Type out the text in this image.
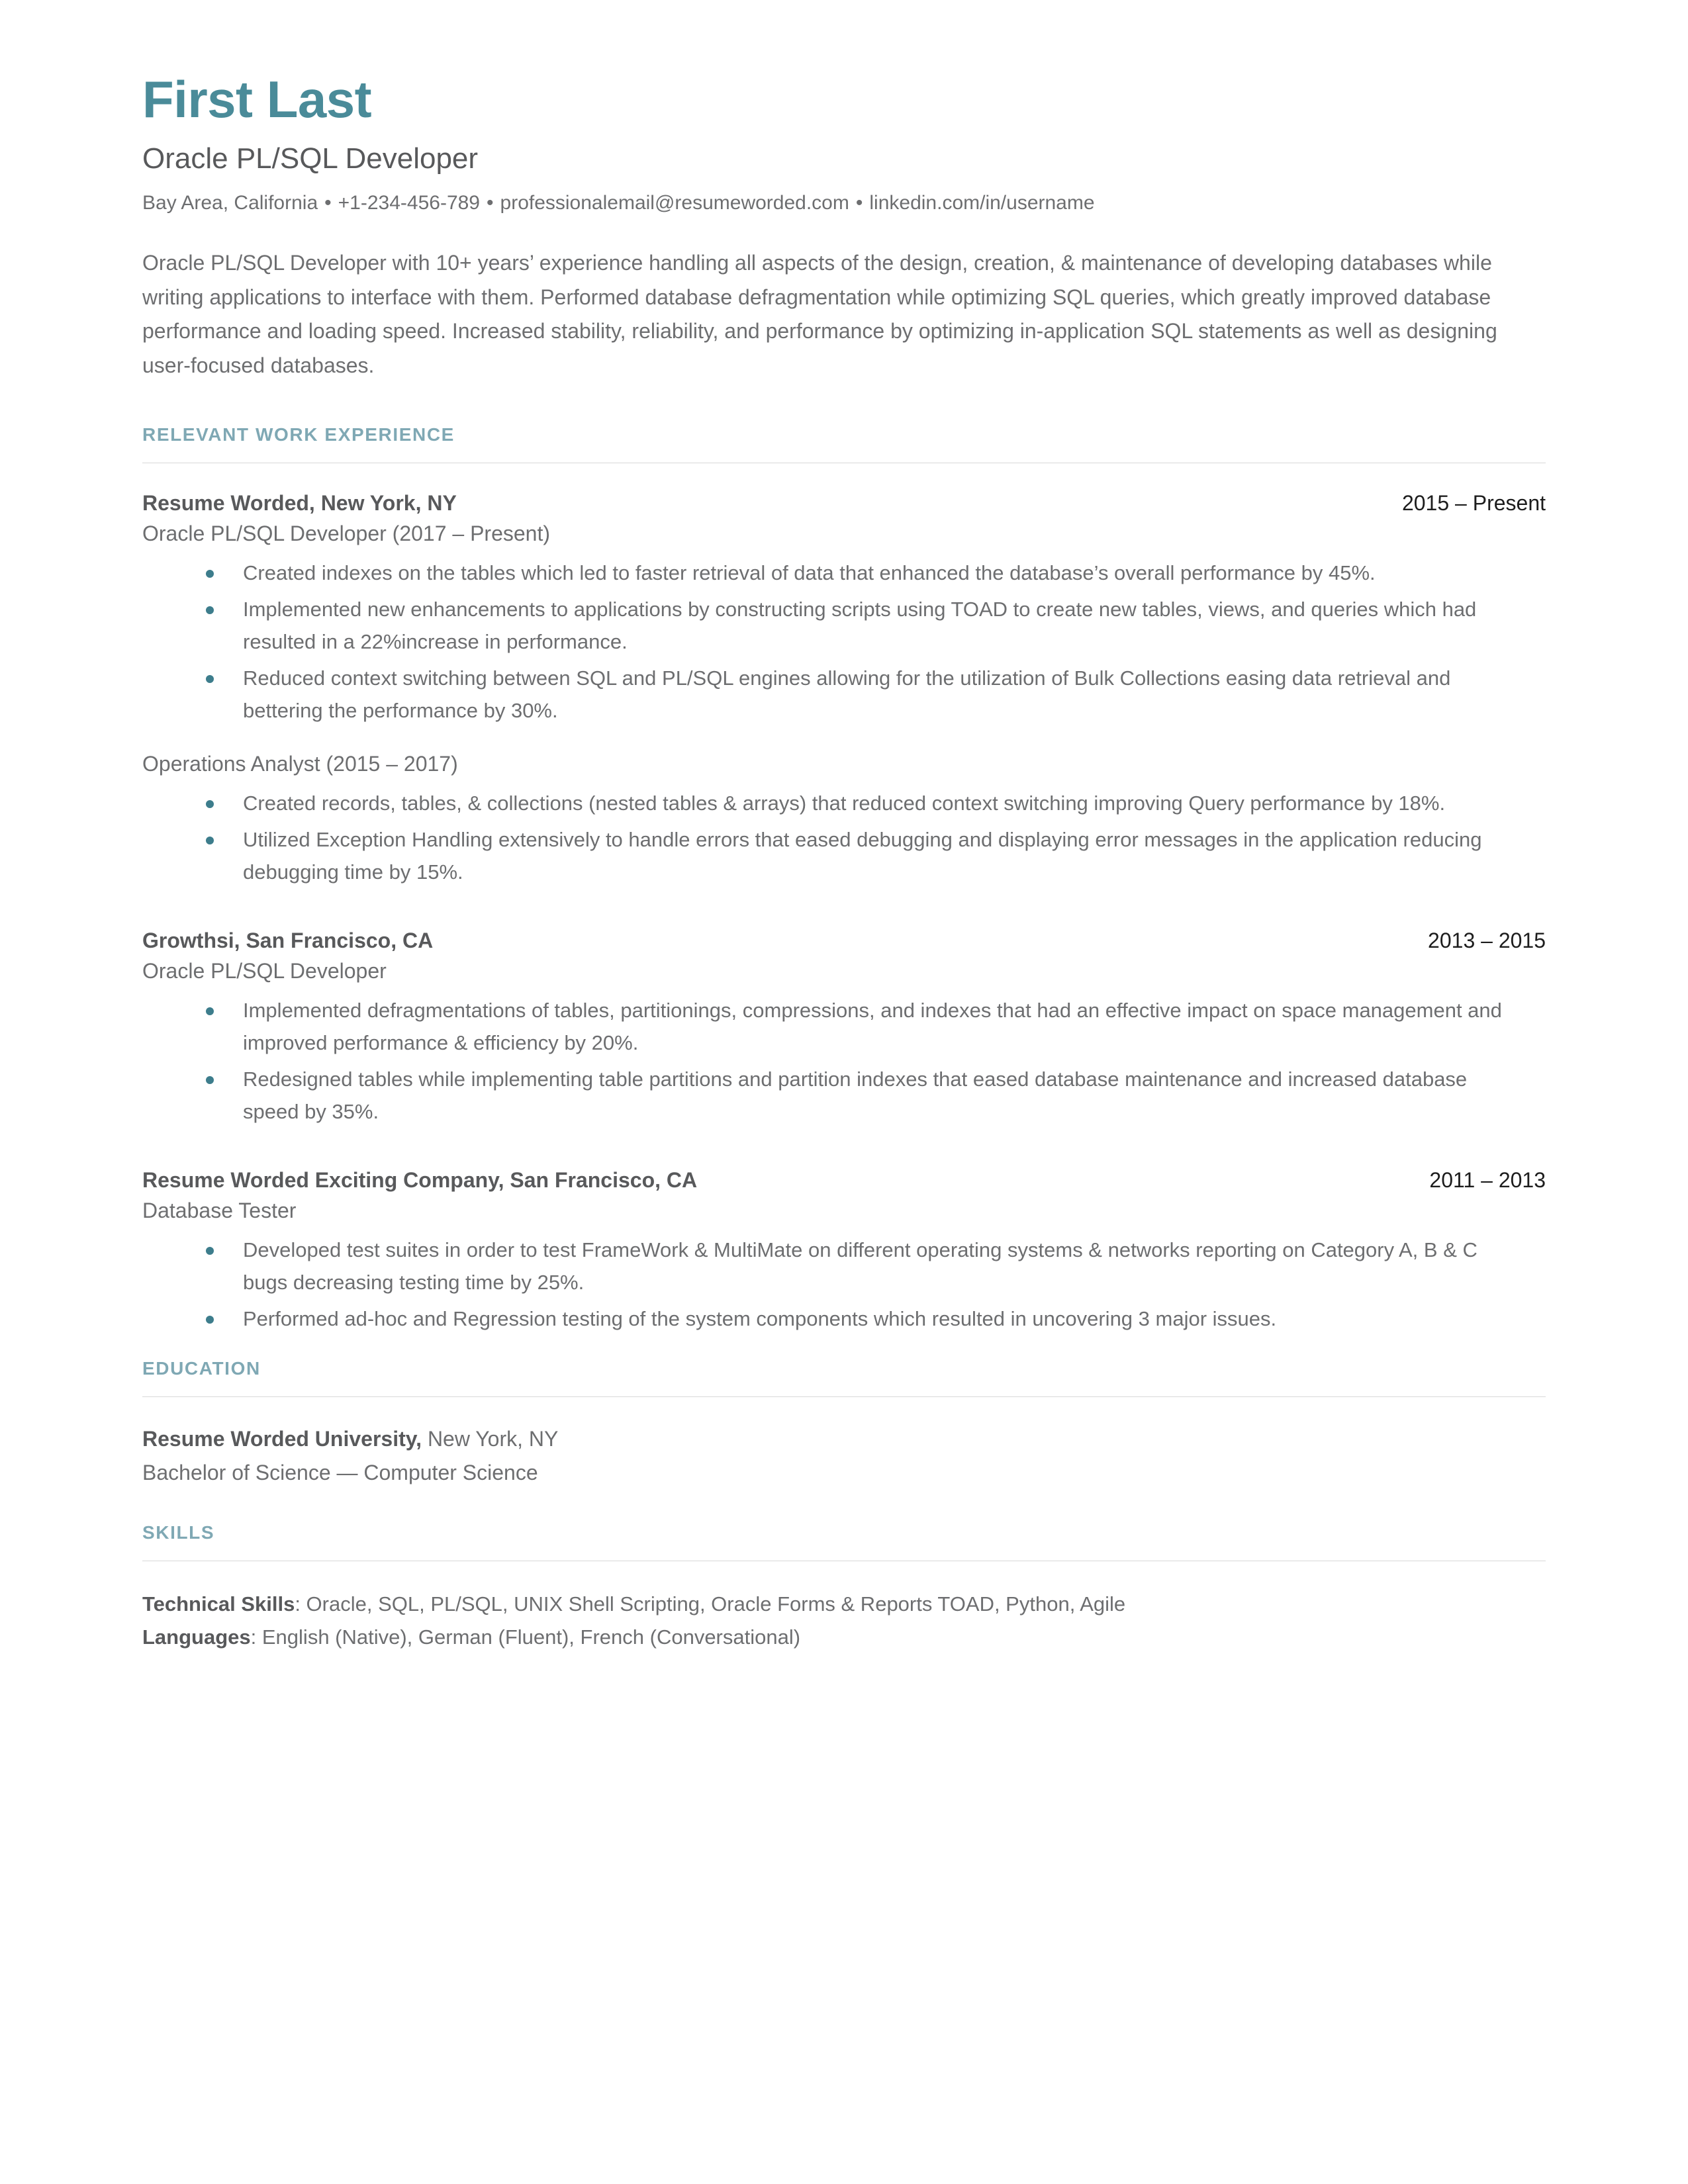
First Last
Oracle PL/SQL Developer
Bay Area, California • +1-234-456-789 • professionalemail@resumeworded.com • linkedin.com/in/username

Oracle PL/SQL Developer with 10+ years’ experience handling all aspects of the design, creation, & maintenance of developing databases while writing applications to interface with them. Performed database defragmentation while optimizing SQL queries, which greatly improved database performance and loading speed. Increased stability, reliability, and performance by optimizing in-application SQL statements as well as designing user-focused databases.

RELEVANT WORK EXPERIENCE
Resume Worded, New York, NY	2015 – Present
Oracle PL/SQL Developer (2017 – Present)
Created indexes on the tables which led to faster retrieval of data that enhanced the database’s overall performance by 45%.
Implemented new enhancements to applications by constructing scripts using TOAD to create new tables, views, and queries which had resulted in a 22%increase in performance.
Reduced context switching between SQL and PL/SQL engines allowing for the utilization of Bulk Collections easing data retrieval and bettering the performance by 30%.
Operations Analyst (2015 – 2017)
Created records, tables, & collections (nested tables & arrays) that reduced context switching improving Query performance by 18%.
Utilized Exception Handling extensively to handle errors that eased debugging and displaying error messages in the application reducing debugging time by 15%.
Growthsi, San Francisco, CA	2013 – 2015
Oracle PL/SQL Developer
Implemented defragmentations of tables, partitionings, compressions, and indexes that had an effective impact on space management and improved performance & efficiency by 20%.
Redesigned tables while implementing table partitions and partition indexes that eased database maintenance and increased database speed by 35%.
Resume Worded Exciting Company, San Francisco, CA	2011 – 2013
Database Tester
Developed test suites in order to test FrameWork & MultiMate on different operating systems & networks reporting on Category A, B & C bugs decreasing testing time by 25%.
Performed ad-hoc and Regression testing of the system components which resulted in uncovering 3 major issues.
EDUCATION
Resume Worded University, New York, NY
Bachelor of Science — Computer Science
SKILLS
Technical Skills: Oracle, SQL, PL/SQL, UNIX Shell Scripting, Oracle Forms & Reports TOAD, Python, Agile
Languages: English (Native), German (Fluent), French (Conversational)
